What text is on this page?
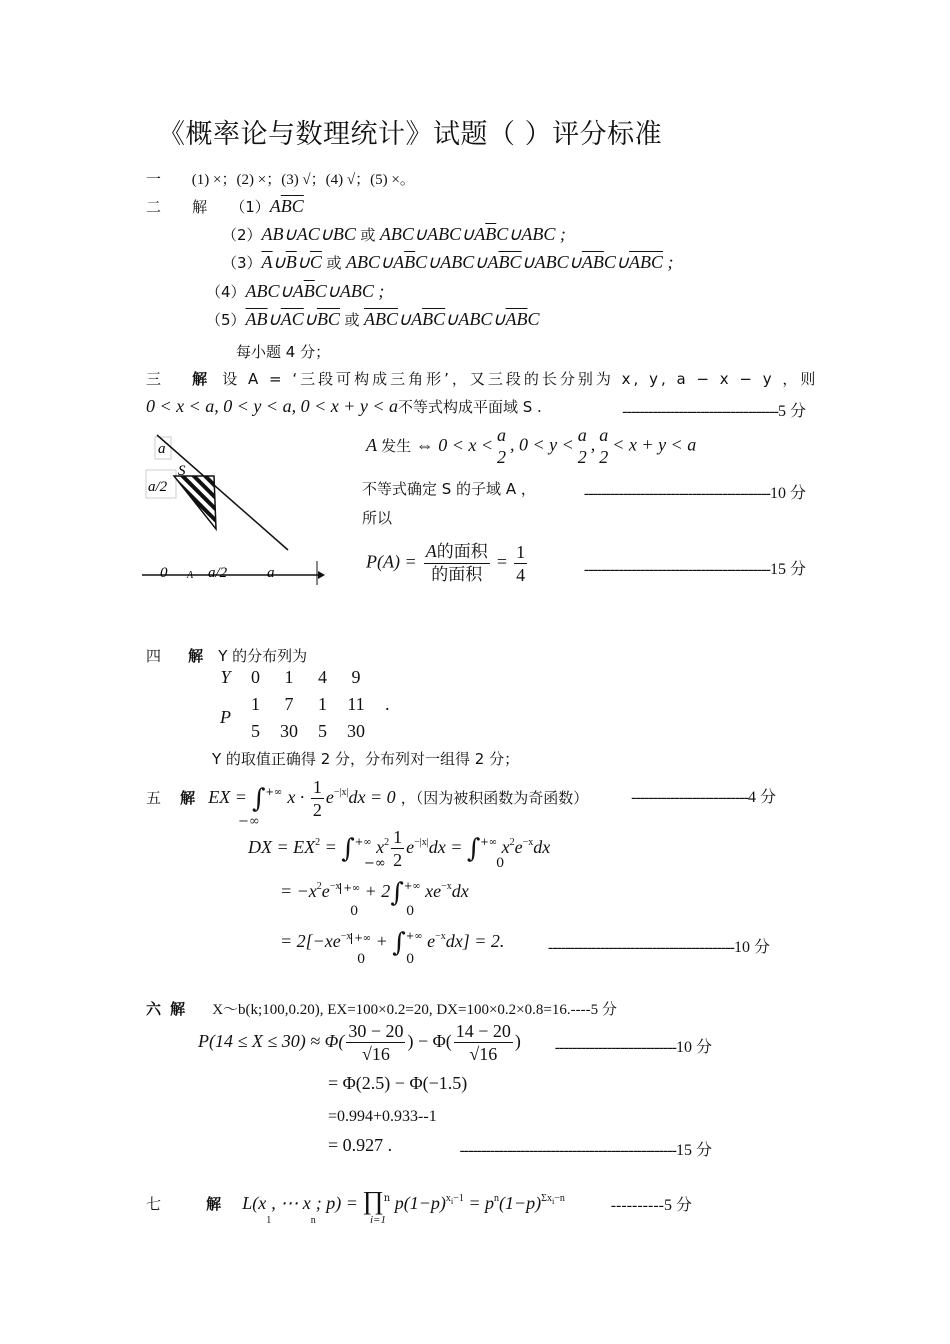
《概率论与数理统计》试题（ ）评分标准
一 (1) ×；(2) ×；(3) √；(4) √；(5) ×。
二 解 $(1)A\overline{B}\overline{C}$
（2）AB∪AC∪BC 或 $ABC\cup ABC\cup A\overline{B}C\cup ABC$ ;
$(3)\overline{A}\cup\overline{B}\cup\overline{C}$ 或 $ABC\cup A\overline{B}C\cup ABC\cup A\overline{BC}\cup ABC\cup\overline{AB}C\cup\overline{ABC}$ ;
$(4)ABC\cup A\overline{B}C\cup ABC$ ;
$(5)\overline{AB}\cup\overline{AC}\cup\overline{BC}$ 或 $\overline{ABC}\cup A\overline{BC}\cup ABC\cup\overline{AB}C$
每小题 4 分；
三 解 设 A = ‘三段可构成三角形’，又三段的长分别为 x, y, a − x − y ，则
0 < x < a, 0 < y < a, 0 < x + y < a不等式构成平面域 S .	------------------------------------5 分
a
S
a/2
0 A a/2	a
A 发生 ⇔ 0 < x < a
2
, 0 < y < a
2
, a
2
< x + y < a
不等式确定 S 的子域 A ，	-------------------------------------------10 分
所以
$P(A) = \frac{\text{A的面积}}{\text{的面积}} = \frac{1}{4}$	-------------------------------------------15 分
四 解 Y 的分布列为
Y	0	1	4	9	
P	1	7	1	11	.
	5	30	5	30	
Y 的取值正确得 2 分，分布列对一组得 2 分；
五 解 EX = ∫+∞ $x \cdot \frac{1}{2} e^{-|x|}dx = 0$ ，（因为被积函数为奇函数）	---------------------------4 分
−∞
DX = $EX^2 = \int^{+\infty}$ $x^2 \frac{1}{2} e^{-|x|}dx = \int^{+\infty}$ $x^2e^{-x}dx$
−∞	0
= $-x^2e^{-x}$ +∞ + 2∫+∞ $xe^{-x}dx$
0	0
= $2[-xe^{-x}$ +∞ + ∫+∞ $e^{-x}dx] = 2$.	-------------------------------------------10 分
0	0
六 解 X～b(k;100,0.20), EX=100×0.2=20, DX=100×0.2×0.8=16.----5 分
$P(14 \le X \le 30) \approx \Phi( \frac{30 - 20}{√16}$ ) − $\Phi( \frac{14 - 20}{√16}$ ) ----------------------------10 分
= Φ(2.5) − Φ(−1.5)
=0.994+0.933--1
= 0.927 .	--------------------------------------------------15 分
七	解 $L(x_1$, ⋯ $x_n$; p) = ∏$^n$ $p(1-p)^{x_i-1} = p^n(1-p)^{\Sigma x_i-n}$	----------5 分
i=1
